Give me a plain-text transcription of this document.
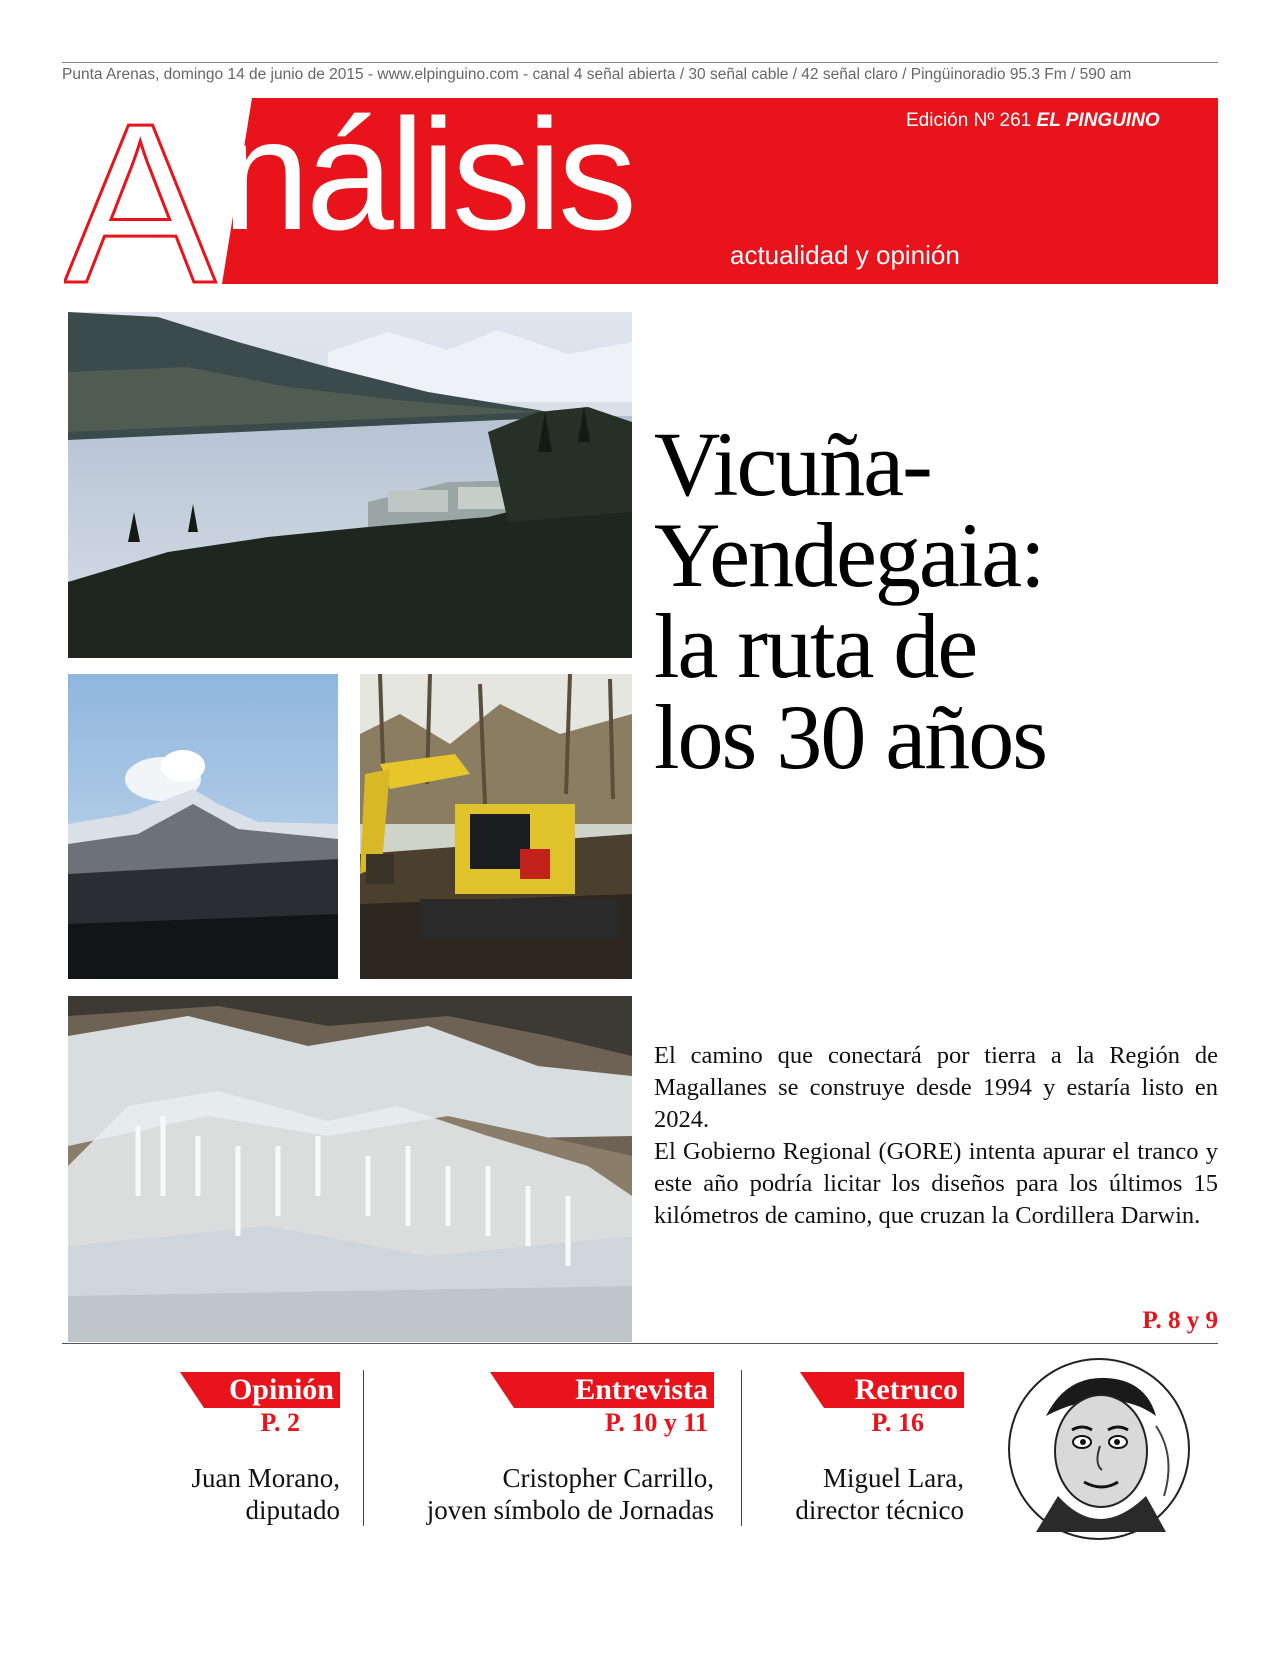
Punta Arenas, domingo 14 de junio de 2015 - www.elpinguino.com - canal 4 señal abierta / 30 señal cable / 42 señal claro / Pingüinoradio 95.3 Fm / 590 am
A nálisis	Edición Nº 261 EL PINGUINO
actualidad y opinión
Vicuña-
Yendegaia:
la ruta de
los 30 años

El camino que conectará por tierra a la Región de Magallanes se construye desde 1994 y estaría listo en 2024.

El Gobierno Regional (GORE) intenta apurar el tranco y este año podría licitar los diseños para los últimos 15 kilómetros de camino, que cruzan la Cordillera Darwin.

P. 8 y 9
Opinión
P. 2
Juan Morano,
diputado
Entrevista
P. 10 y 11
Cristopher Carrillo,
joven símbolo de Jornadas
Retruco
P. 16
Miguel Lara,
director técnico
